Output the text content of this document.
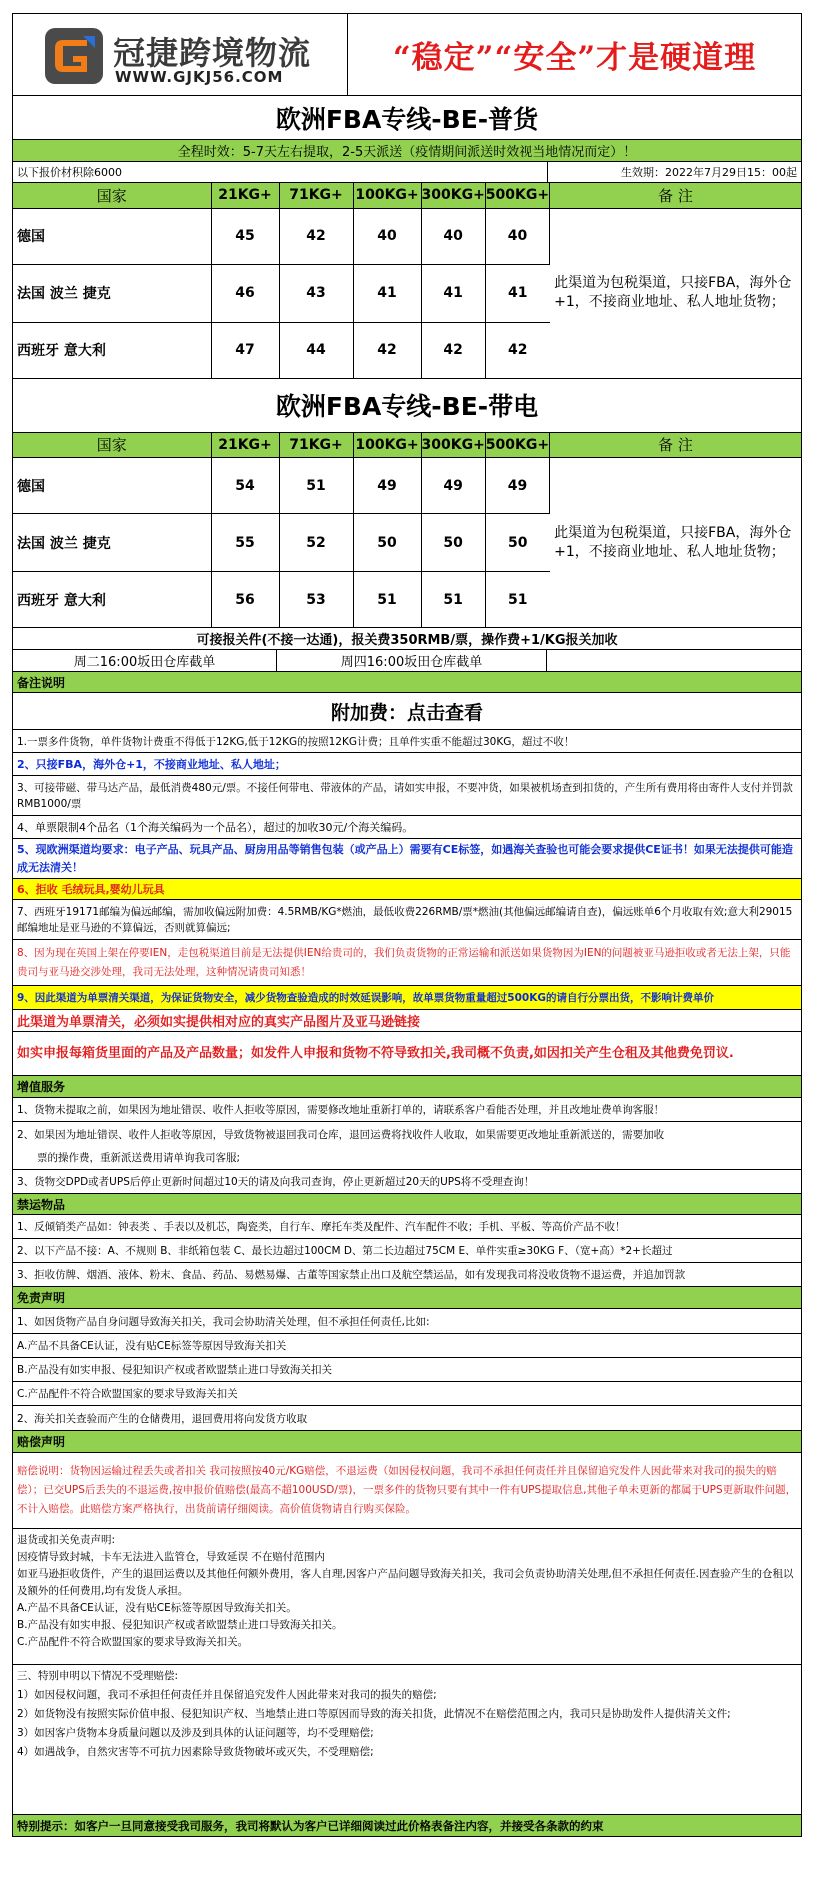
冠捷跨境物流
WWW.GJKJ56.COM
“稳定”“安全”才是硬道理
欧洲FBA专线-BE-普货
全程时效：5-7天左右提取，2-5天派送（疫情期间派送时效视当地情况而定）！
以下报价材积除6000	生效期：2022年7月29日15：00起
国家	21KG+	71KG+	100KG+	300KG+	500KG+	备 注
德国	45	42	40	40	40	此渠道为包税渠道，只接FBA，海外仓+1，不接商业地址、私人地址货物；
法国 波兰 捷克	46	43	41	41	41	
西班牙 意大利	47	44	42	42	42	
欧洲FBA专线-BE-带电
国家	21KG+	71KG+	100KG+	300KG+	500KG+	备 注
德国	54	51	49	49	49	此渠道为包税渠道，只接FBA，海外仓+1，不接商业地址、私人地址货物；
法国 波兰 捷克	55	52	50	50	50	
西班牙 意大利	56	53	51	51	51	
可接报关件(不接一达通)，报关费350RMB/票，操作费+1/KG报关加收
周二16:00坂田仓库截单	周四16:00坂田仓库截单
备注说明
附加费：点击查看
1.一票多件货物，单件货物计费重不得低于12KG,低于12KG的按照12KG计费；且单件实重不能超过30KG，超过不收！
2、只接FBA，海外仓+1，不接商业地址、私人地址；
3、可接带磁、带马达产品，最低消费480元/票。不接任何带电、带液体的产品，请如实申报，不要冲货，如果被机场查到扣货的，产生所有费用将由寄件人支付并罚款RMB1000/票
4、单票限制4个品名（1个海关编码为一个品名），超过的加收30元/个海关编码。
5、现欧洲渠道均要求：电子产品、玩具产品、厨房用品等销售包装（或产品上）需要有CE标签，如遇海关查验也可能会要求提供CE证书！如果无法提供可能造成无法清关！
6、拒收 毛绒玩具,婴幼儿玩具
7、西班牙19171邮编为偏远邮编，需加收偏远附加费：4.5RMB/KG*燃油，最低收费226RMB/票*燃油(其他偏远邮编请自查)，偏远账单6个月收取有效;意大利29015邮编地址是亚马逊的不算偏远，否则就算偏远;
8、因为现在英国上架在停要IEN，走包税渠道目前是无法提供IEN给贵司的，我们负责货物的正常运输和派送如果货物因为IEN的问题被亚马逊拒收或者无法上架，只能贵司与亚马逊交涉处理，我司无法处理，这种情况请贵司知悉！
9、因此渠道为单票清关渠道，为保证货物安全，减少货物查验造成的时效延误影响，故单票货物重量超过500KG的请自行分票出货，不影响计费单价
此渠道为单票清关，必须如实提供相对应的真实产品图片及亚马逊链接
如实申报每箱货里面的产品及产品数量；如发件人申报和货物不符导致扣关,我司概不负责,如因扣关产生仓租及其他费免罚议.
增值服务
1、货物未提取之前，如果因为地址错误、收件人拒收等原因，需要修改地址重新打单的，请联系客户看能否处理，并且改地址费单询客服！
2、如果因为地址错误、收件人拒收等原因，导致货物被退回我司仓库，退回运费将找收件人收取，如果需要更改地址重新派送的，需要加收
票的操作费，重新派送费用请单询我司客服;
3、货物交DPD或者UPS后停止更新时间超过10天的请及向我司查询，停止更新超过20天的UPS将不受理查询！
禁运物品
1、反倾销类产品如：钟表类 、手表以及机芯，陶瓷类，自行车、摩托车类及配件、汽车配件不收；手机、平板、等高价产品不收！
2、以下产品不接：A、不规则 B、非纸箱包装 C、最长边超过100CM D、第二长边超过75CM E、单件实重≥30KG F、（宽+高）*2+长超过
3、拒收仿牌、烟酒、液体、粉末、食品、药品、易燃易爆、古董等国家禁止出口及航空禁运品，如有发现我司将没收货物不退运费，并追加罚款
免责声明
1、如因货物产品自身问题导致海关扣关，我司会协助清关处理，但不承担任何责任,比如:
A.产品不具备CE认证，没有贴CE标签等原因导致海关扣关
B.产品没有如实申报、侵犯知识产权或者欧盟禁止进口导致海关扣关
C.产品配件不符合欧盟国家的要求导致海关扣关
2、海关扣关查验而产生的仓储费用，退回费用将向发货方收取
赔偿声明
赔偿说明：货物因运输过程丢失或者扣关 我司按照按40元/KG赔偿，不退运费（如因侵权问题，我司不承担任何责任并且保留追究发件人因此带来对我司的损失的赔偿）；已交UPS后丢失的不退运费,按申报价值赔偿(最高不超100USD/票)，一票多件的货物只要有其中一件有UPS提取信息,其他子单未更新的都属于UPS更新取件问题，不计入赔偿。此赔偿方案严格执行，出货前请仔细阅读。高价值货物请自行购买保险。
退货或扣关免责声明:
因疫情导致封城，卡车无法进入监管仓，导致延误 不在赔付范围内
如亚马逊拒收货件，产生的退回运费以及其他任何额外费用，客人自理,因客户产品问题导致海关扣关，我司会负责协助清关处理,但不承担任何责任.因查验产生的仓租以及额外的任何费用,均有发货人承担。
A.产品不具备CE认证，没有贴CE标签等原因导致海关扣关。
B.产品没有如实申报、侵犯知识产权或者欧盟禁止进口导致海关扣关。
C.产品配件不符合欧盟国家的要求导致海关扣关。
三、特别申明以下情况不受理赔偿:
1）如因侵权问题，我司不承担任何责任并且保留追究发件人因此带来对我司的损失的赔偿;
2）如货物没有按照实际价值申报、侵犯知识产权、当地禁止进口等原因而导致的海关扣货，此情况不在赔偿范围之内，我司只是协助发件人提供清关文件;
3）如因客户货物本身质量问题以及涉及到具体的认证问题等，均不受理赔偿;
4）如遇战争，自然灾害等不可抗力因素除导致货物破坏或灭失，不受理赔偿;
特别提示：如客户一旦同意接受我司服务，我司将默认为客户已详细阅读过此价格表备注内容，并接受各条款的约束
